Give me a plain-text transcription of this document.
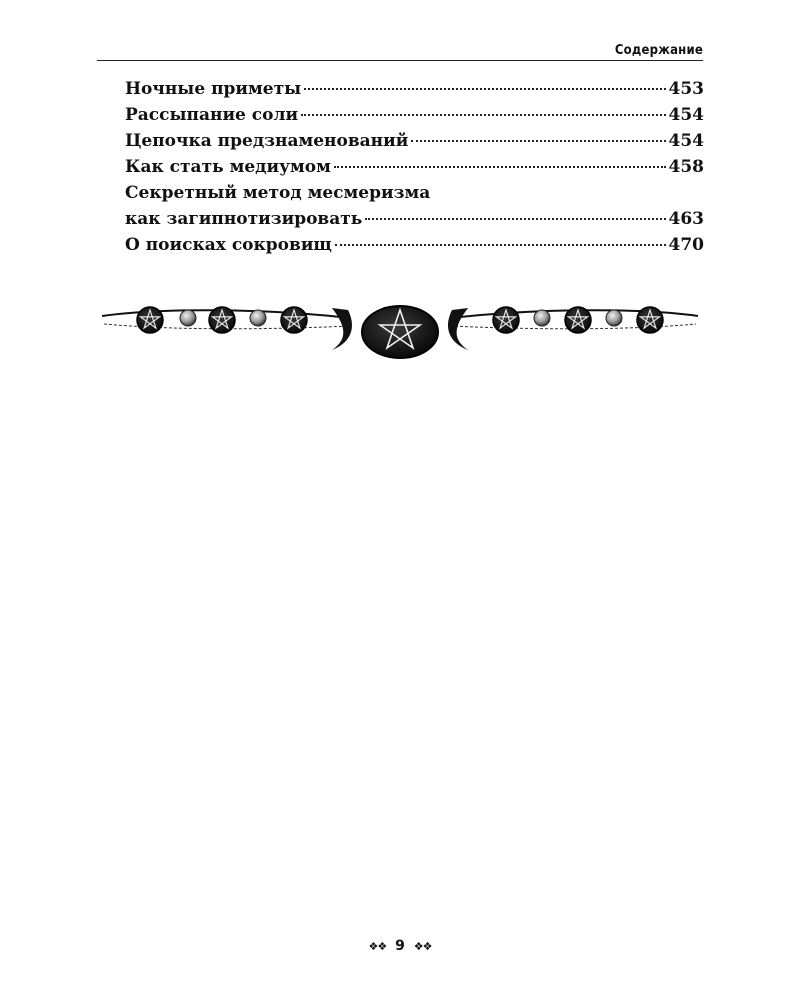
Содержание
Ночные приметы	453
Рассыпание соли	454
Цепочка предзнаменований	454
Как стать медиумом	458
Секретный метод месмеризма
как загипнотизировать	463
О поисках сокровищ	470
❖❖ 9 ❖❖
